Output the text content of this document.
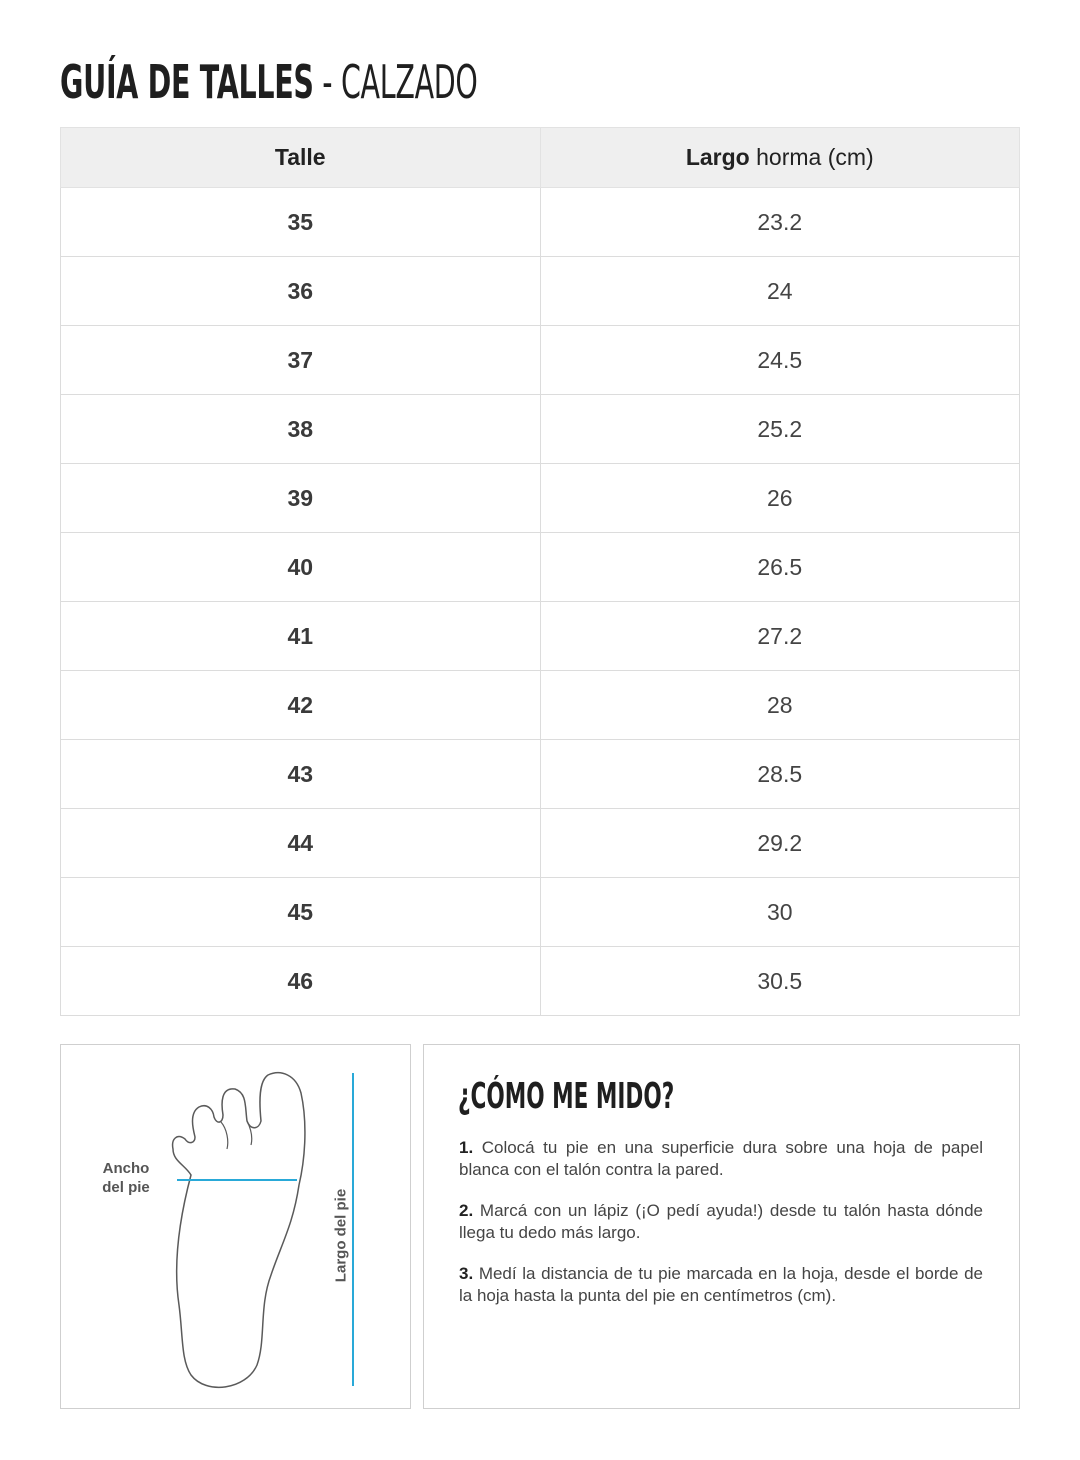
GUÍA DE TALLES - CALZADO
Talle	Largo horma (cm)
35	23.2
36	24
37	24.5
38	25.2
39	26
40	26.5
41	27.2
42	28
43	28.5
44	29.2
45	30
46	30.5
Ancho
del pie
Largo del pie
¿CÓMO ME MIDO?

1. Colocá tu pie en una superficie dura sobre una hoja de papel blanca con el talón contra la pared.

2. Marcá con un lápiz (¡O pedí ayuda!) desde tu talón hasta dónde llega tu dedo más largo.

3. Medí la distancia de tu pie marcada en la hoja, desde el borde de la hoja hasta la punta del pie en centímetros (cm).
